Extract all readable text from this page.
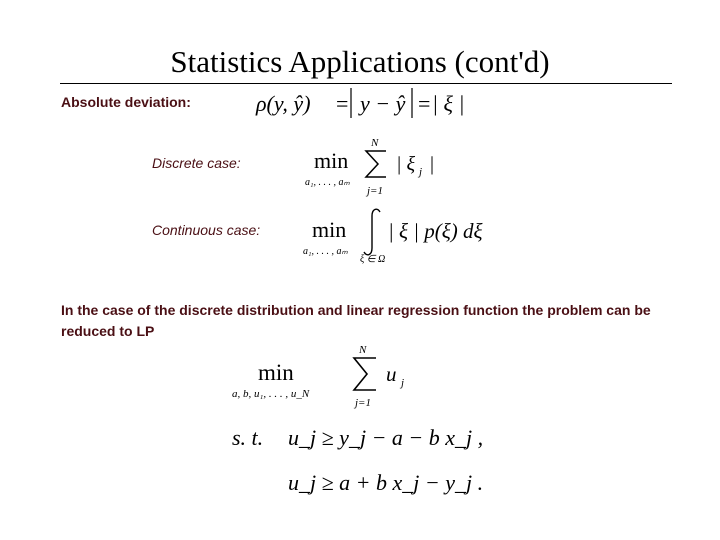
Statistics Applications (cont'd)
Absolute deviation:	ρ(y, ŷ) = y − ŷ = | ξ |
Discrete case:	min
a₁, . . . , aₘ
N
j=1
| ξ j |
Continuous case: min
a₁, . . . , aₘ
ξ ∈ Ω
| ξ | p(ξ) dξ
In the case of the discrete distribution and linear regression function the problem can be reduced to LP
min
a, b, u₁, . . . , u_N
N
j=1
u j
s. t. u_j ≥ y_j − a − b x_j ,
u_j ≥ a + b x_j − y_j .
